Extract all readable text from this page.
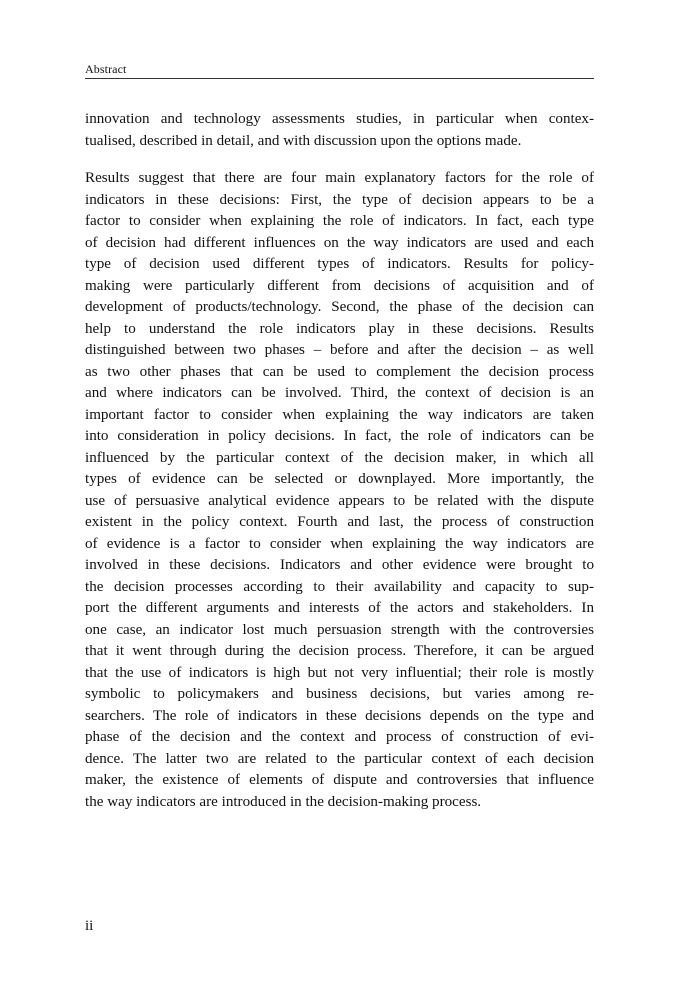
Abstract

innovation and technology assessments studies, in particular when contex-
tualised, described in detail, and with discussion upon the options made.

Results suggest that there are four main explanatory factors for the role of
indicators in these decisions: First, the type of decision appears to be a
factor to consider when explaining the role of indicators. In fact, each type
of decision had different influences on the way indicators are used and each
type of decision used different types of indicators. Results for policy-
making were particularly different from decisions of acquisition and of
development of products/technology. Second, the phase of the decision can
help to understand the role indicators play in these decisions. Results
distinguished between two phases – before and after the decision – as well
as two other phases that can be used to complement the decision process
and where indicators can be involved. Third, the context of decision is an
important factor to consider when explaining the way indicators are taken
into consideration in policy decisions. In fact, the role of indicators can be
influenced by the particular context of the decision maker, in which all
types of evidence can be selected or downplayed. More importantly, the
use of persuasive analytical evidence appears to be related with the dispute
existent in the policy context. Fourth and last, the process of construction
of evidence is a factor to consider when explaining the way indicators are
involved in these decisions. Indicators and other evidence were brought to
the decision processes according to their availability and capacity to sup-
port the different arguments and interests of the actors and stakeholders. In
one case, an indicator lost much persuasion strength with the controversies
that it went through during the decision process. Therefore, it can be argued
that the use of indicators is high but not very influential; their role is mostly
symbolic to policymakers and business decisions, but varies among re-
searchers. The role of indicators in these decisions depends on the type and
phase of the decision and the context and process of construction of evi-
dence. The latter two are related to the particular context of each decision
maker, the existence of elements of dispute and controversies that influence
the way indicators are introduced in the decision-making process.

ii
